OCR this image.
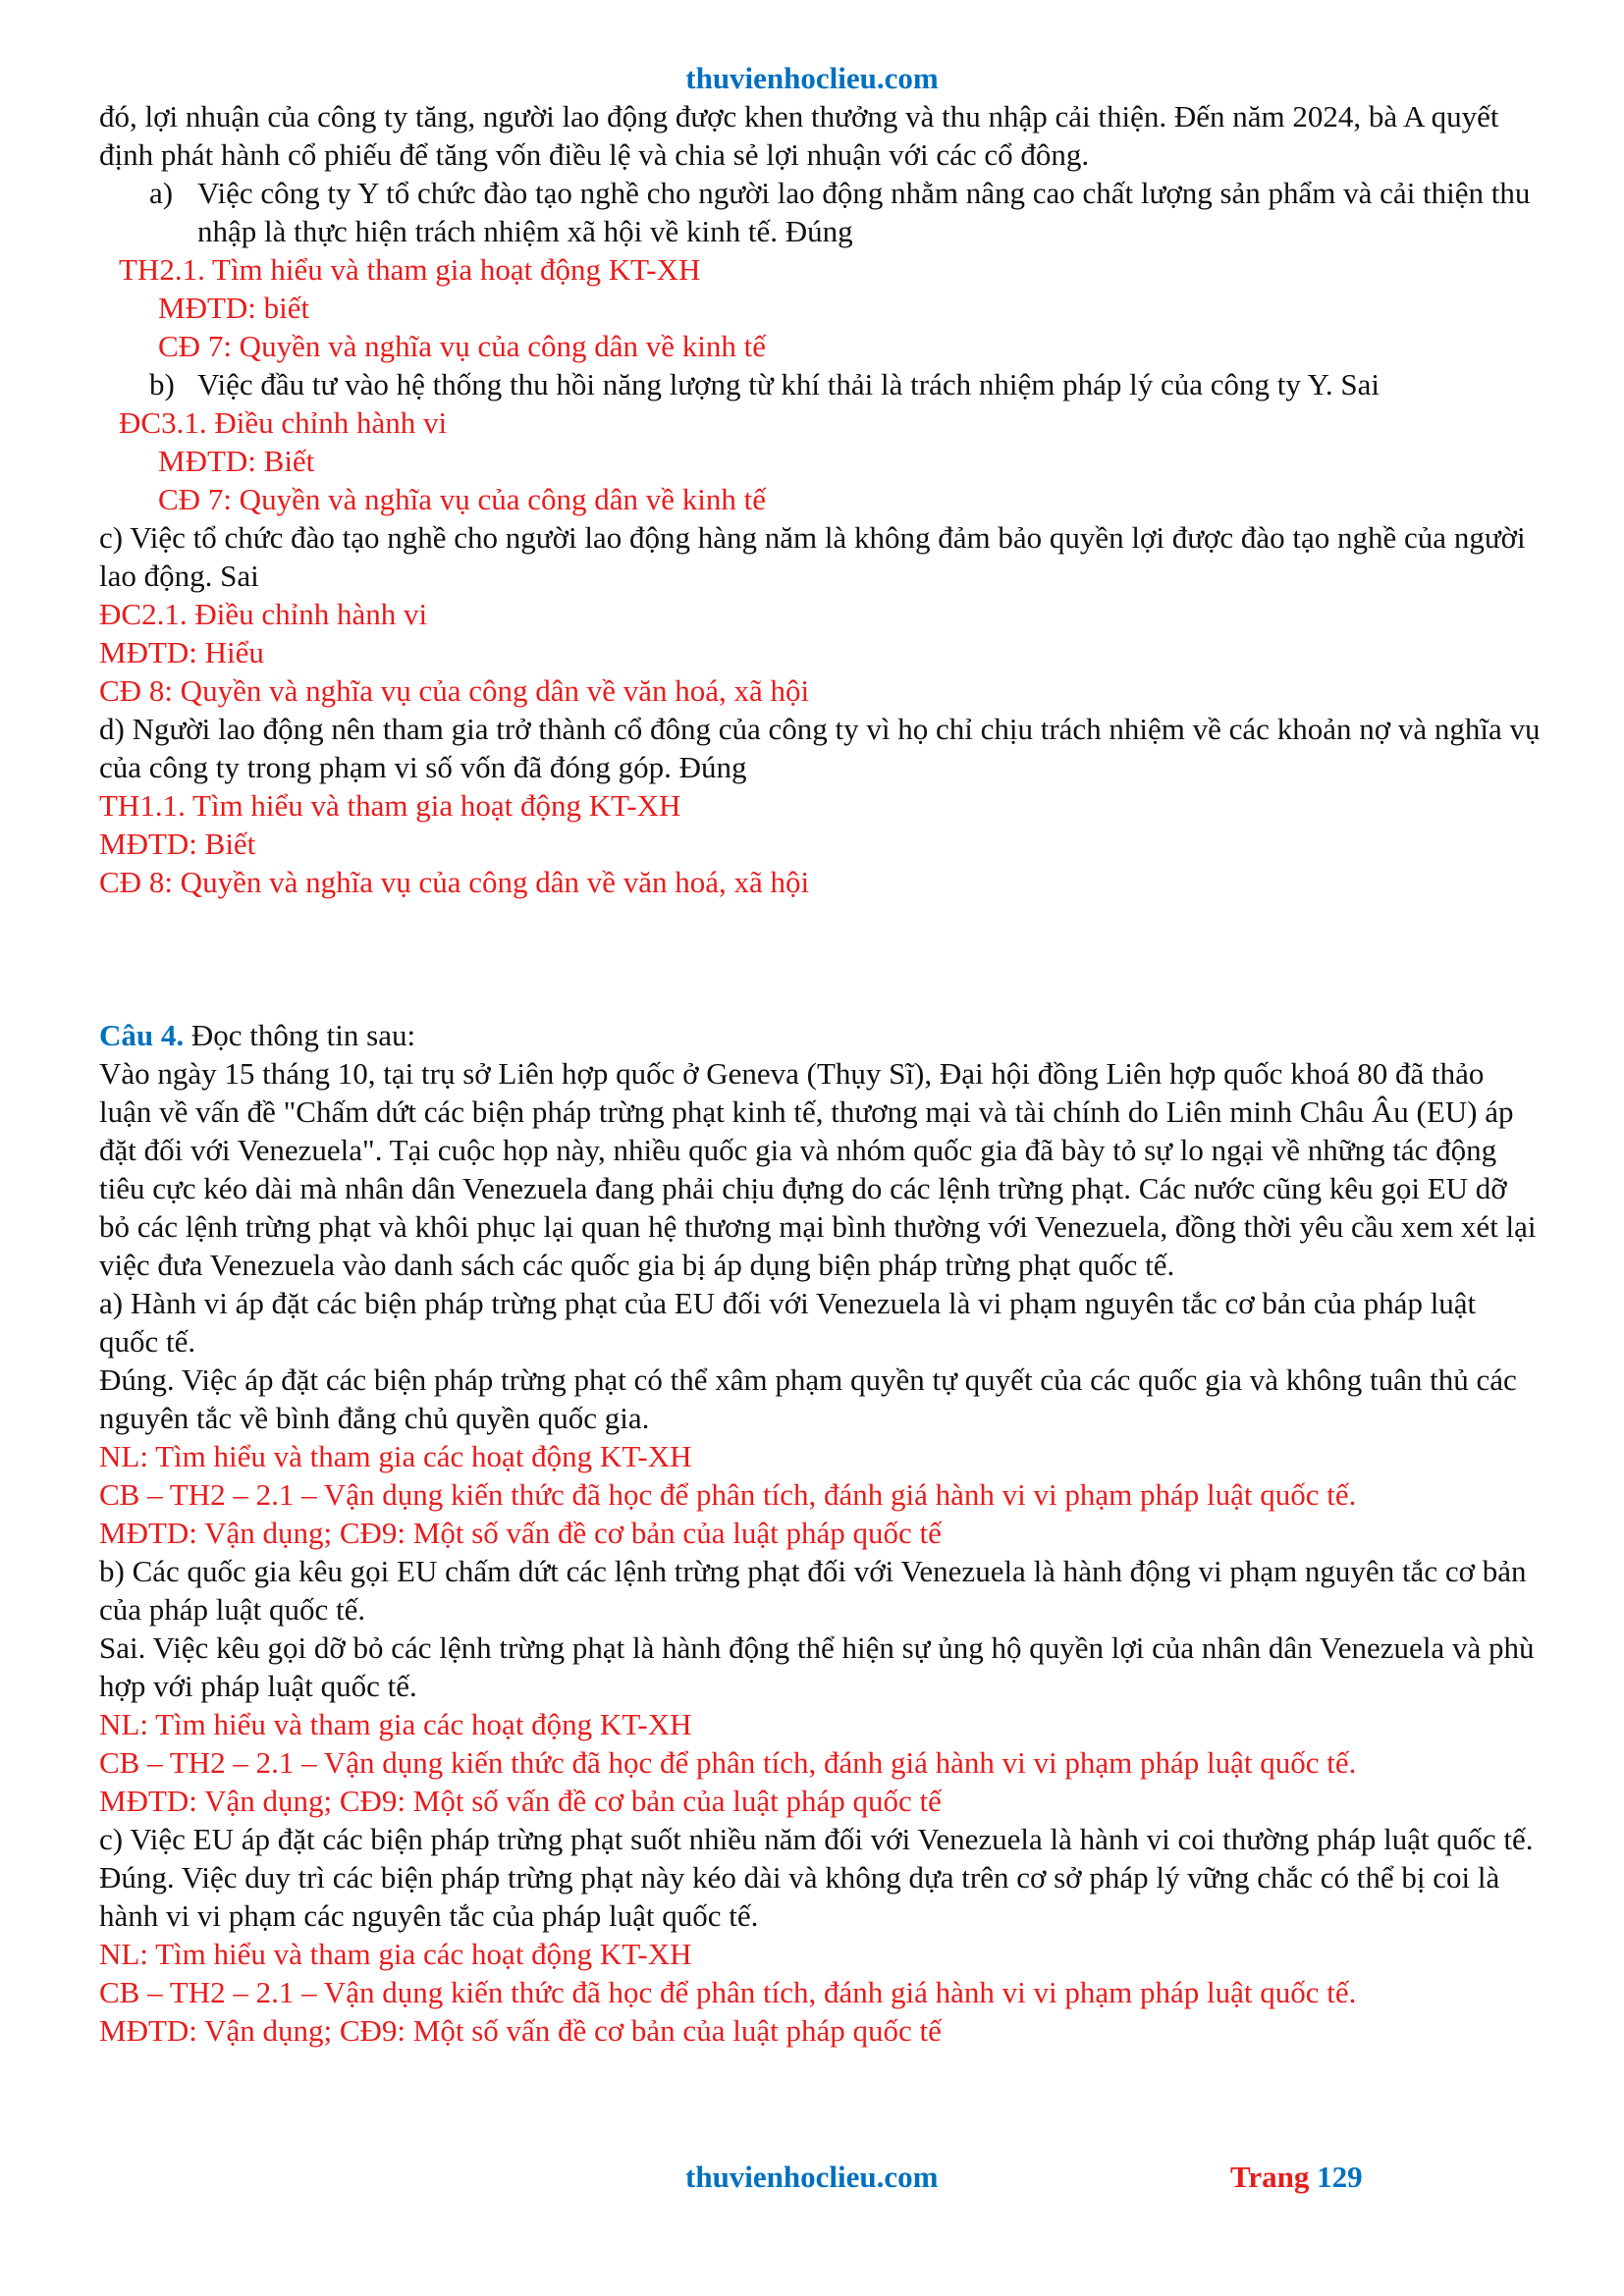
thuvienhoclieu.com

đó, lợi nhuận của công ty tăng, người lao động được khen thưởng và thu nhập cải thiện. Đến năm 2024, bà A quyết định phát hành cổ phiếu để tăng vốn điều lệ và chia sẻ lợi nhuận với các cổ đông.

a) Việc công ty Y tổ chức đào tạo nghề cho người lao động nhằm nâng cao chất lượng sản phẩm và cải thiện thu nhập là thực hiện trách nhiệm xã hội về kinh tế. Đúng

TH2.1. Tìm hiểu và tham gia hoạt động KT-XH

MĐTD: biết

CĐ 7: Quyền và nghĩa vụ của công dân về kinh tế

b) Việc đầu tư vào hệ thống thu hồi năng lượng từ khí thải là trách nhiệm pháp lý của công ty Y. Sai

ĐC3.1. Điều chỉnh hành vi

MĐTD: Biết

CĐ 7: Quyền và nghĩa vụ của công dân về kinh tế

c) Việc tổ chức đào tạo nghề cho người lao động hàng năm là không đảm bảo quyền lợi được đào tạo nghề của người lao động. Sai

ĐC2.1. Điều chỉnh hành vi

MĐTD: Hiểu

CĐ 8: Quyền và nghĩa vụ của công dân về văn hoá, xã hội

d) Người lao động nên tham gia trở thành cổ đông của công ty vì họ chỉ chịu trách nhiệm về các khoản nợ và nghĩa vụ của công ty trong phạm vi số vốn đã đóng góp. Đúng

TH1.1. Tìm hiểu và tham gia hoạt động KT-XH

MĐTD: Biết

CĐ 8: Quyền và nghĩa vụ của công dân về văn hoá, xã hội

Câu 4. Đọc thông tin sau:

Vào ngày 15 tháng 10, tại trụ sở Liên hợp quốc ở Geneva (Thụy Sĩ), Đại hội đồng Liên hợp quốc khoá 80 đã thảo luận về vấn đề "Chấm dứt các biện pháp trừng phạt kinh tế, thương mại và tài chính do Liên minh Châu Âu (EU) áp đặt đối với Venezuela". Tại cuộc họp này, nhiều quốc gia và nhóm quốc gia đã bày tỏ sự lo ngại về những tác động tiêu cực kéo dài mà nhân dân Venezuela đang phải chịu đựng do các lệnh trừng phạt. Các nước cũng kêu gọi EU dỡ bỏ các lệnh trừng phạt và khôi phục lại quan hệ thương mại bình thường với Venezuela, đồng thời yêu cầu xem xét lại việc đưa Venezuela vào danh sách các quốc gia bị áp dụng biện pháp trừng phạt quốc tế.

a) Hành vi áp đặt các biện pháp trừng phạt của EU đối với Venezuela là vi phạm nguyên tắc cơ bản của pháp luật quốc tế.

Đúng. Việc áp đặt các biện pháp trừng phạt có thể xâm phạm quyền tự quyết của các quốc gia và không tuân thủ các nguyên tắc về bình đẳng chủ quyền quốc gia.

NL: Tìm hiểu và tham gia các hoạt động KT-XH

CB – TH2 – 2.1 – Vận dụng kiến thức đã học để phân tích, đánh giá hành vi vi phạm pháp luật quốc tế.

MĐTD: Vận dụng; CĐ9: Một số vấn đề cơ bản của luật pháp quốc tế

b) Các quốc gia kêu gọi EU chấm dứt các lệnh trừng phạt đối với Venezuela là hành động vi phạm nguyên tắc cơ bản của pháp luật quốc tế.

Sai. Việc kêu gọi dỡ bỏ các lệnh trừng phạt là hành động thể hiện sự ủng hộ quyền lợi của nhân dân Venezuela và phù hợp với pháp luật quốc tế.

NL: Tìm hiểu và tham gia các hoạt động KT-XH

CB – TH2 – 2.1 – Vận dụng kiến thức đã học để phân tích, đánh giá hành vi vi phạm pháp luật quốc tế.

MĐTD: Vận dụng; CĐ9: Một số vấn đề cơ bản của luật pháp quốc tế

c) Việc EU áp đặt các biện pháp trừng phạt suốt nhiều năm đối với Venezuela là hành vi coi thường pháp luật quốc tế.

Đúng. Việc duy trì các biện pháp trừng phạt này kéo dài và không dựa trên cơ sở pháp lý vững chắc có thể bị coi là hành vi vi phạm các nguyên tắc của pháp luật quốc tế.

NL: Tìm hiểu và tham gia các hoạt động KT-XH

CB – TH2 – 2.1 – Vận dụng kiến thức đã học để phân tích, đánh giá hành vi vi phạm pháp luật quốc tế.

MĐTD: Vận dụng; CĐ9: Một số vấn đề cơ bản của luật pháp quốc tế

thuvienhoclieu.com	Trang 129
